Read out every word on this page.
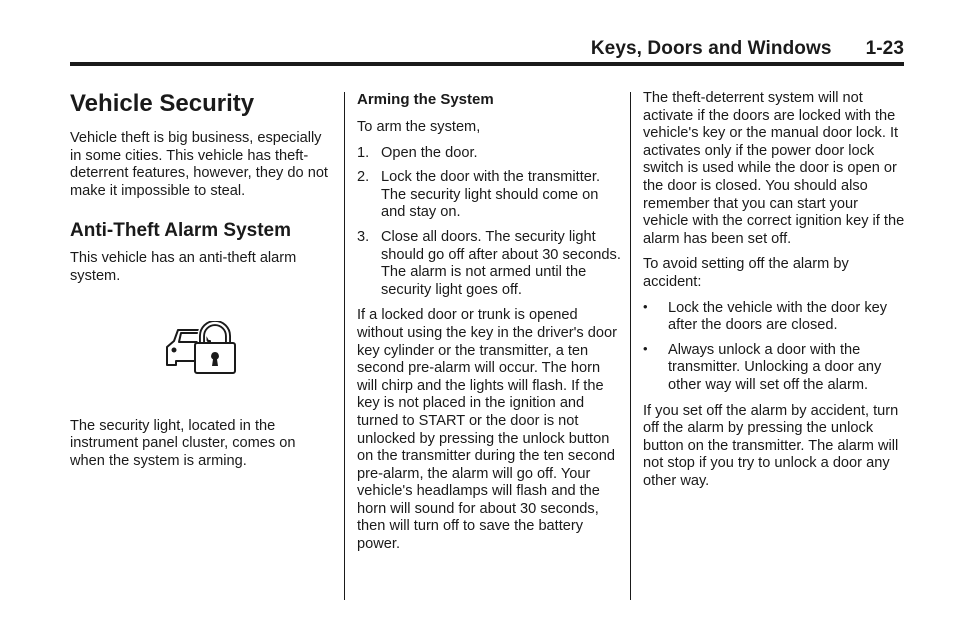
Keys, Doors and Windows 1-23
Vehicle Security

Vehicle theft is big business, especially in some cities. This vehicle has theft-deterrent features, however, they do not make it impossible to steal.

Anti-Theft Alarm System

This vehicle has an anti-theft alarm system.

The security light, located in the instrument panel cluster, comes on when the system is arming.

Arming the System

To arm the system,

1. Open the door.
2. Lock the door with the transmitter. The security light should come on and stay on.
3. Close all doors. The security light should go off after about 30 seconds. The alarm is not armed until the security light goes off.

If a locked door or trunk is opened without using the key in the driver's door key cylinder or the transmitter, a ten second pre-alarm will occur. The horn will chirp and the lights will flash. If the key is not placed in the ignition and turned to START or the door is not unlocked by pressing the unlock button on the transmitter during the ten second pre-alarm, the alarm will go off. Your vehicle's headlamps will flash and the horn will sound for about 30 seconds, then will turn off to save the battery power.

The theft-deterrent system will not activate if the doors are locked with the vehicle's key or the manual door lock. It activates only if the power door lock switch is used while the door is open or the door is closed. You should also remember that you can start your vehicle with the correct ignition key if the alarm has been set off.

To avoid setting off the alarm by accident:

• Lock the vehicle with the door key after the doors are closed.
• Always unlock a door with the transmitter. Unlocking a door any other way will set off the alarm.

If you set off the alarm by accident, turn off the alarm by pressing the unlock button on the transmitter. The alarm will not stop if you try to unlock a door any other way.
